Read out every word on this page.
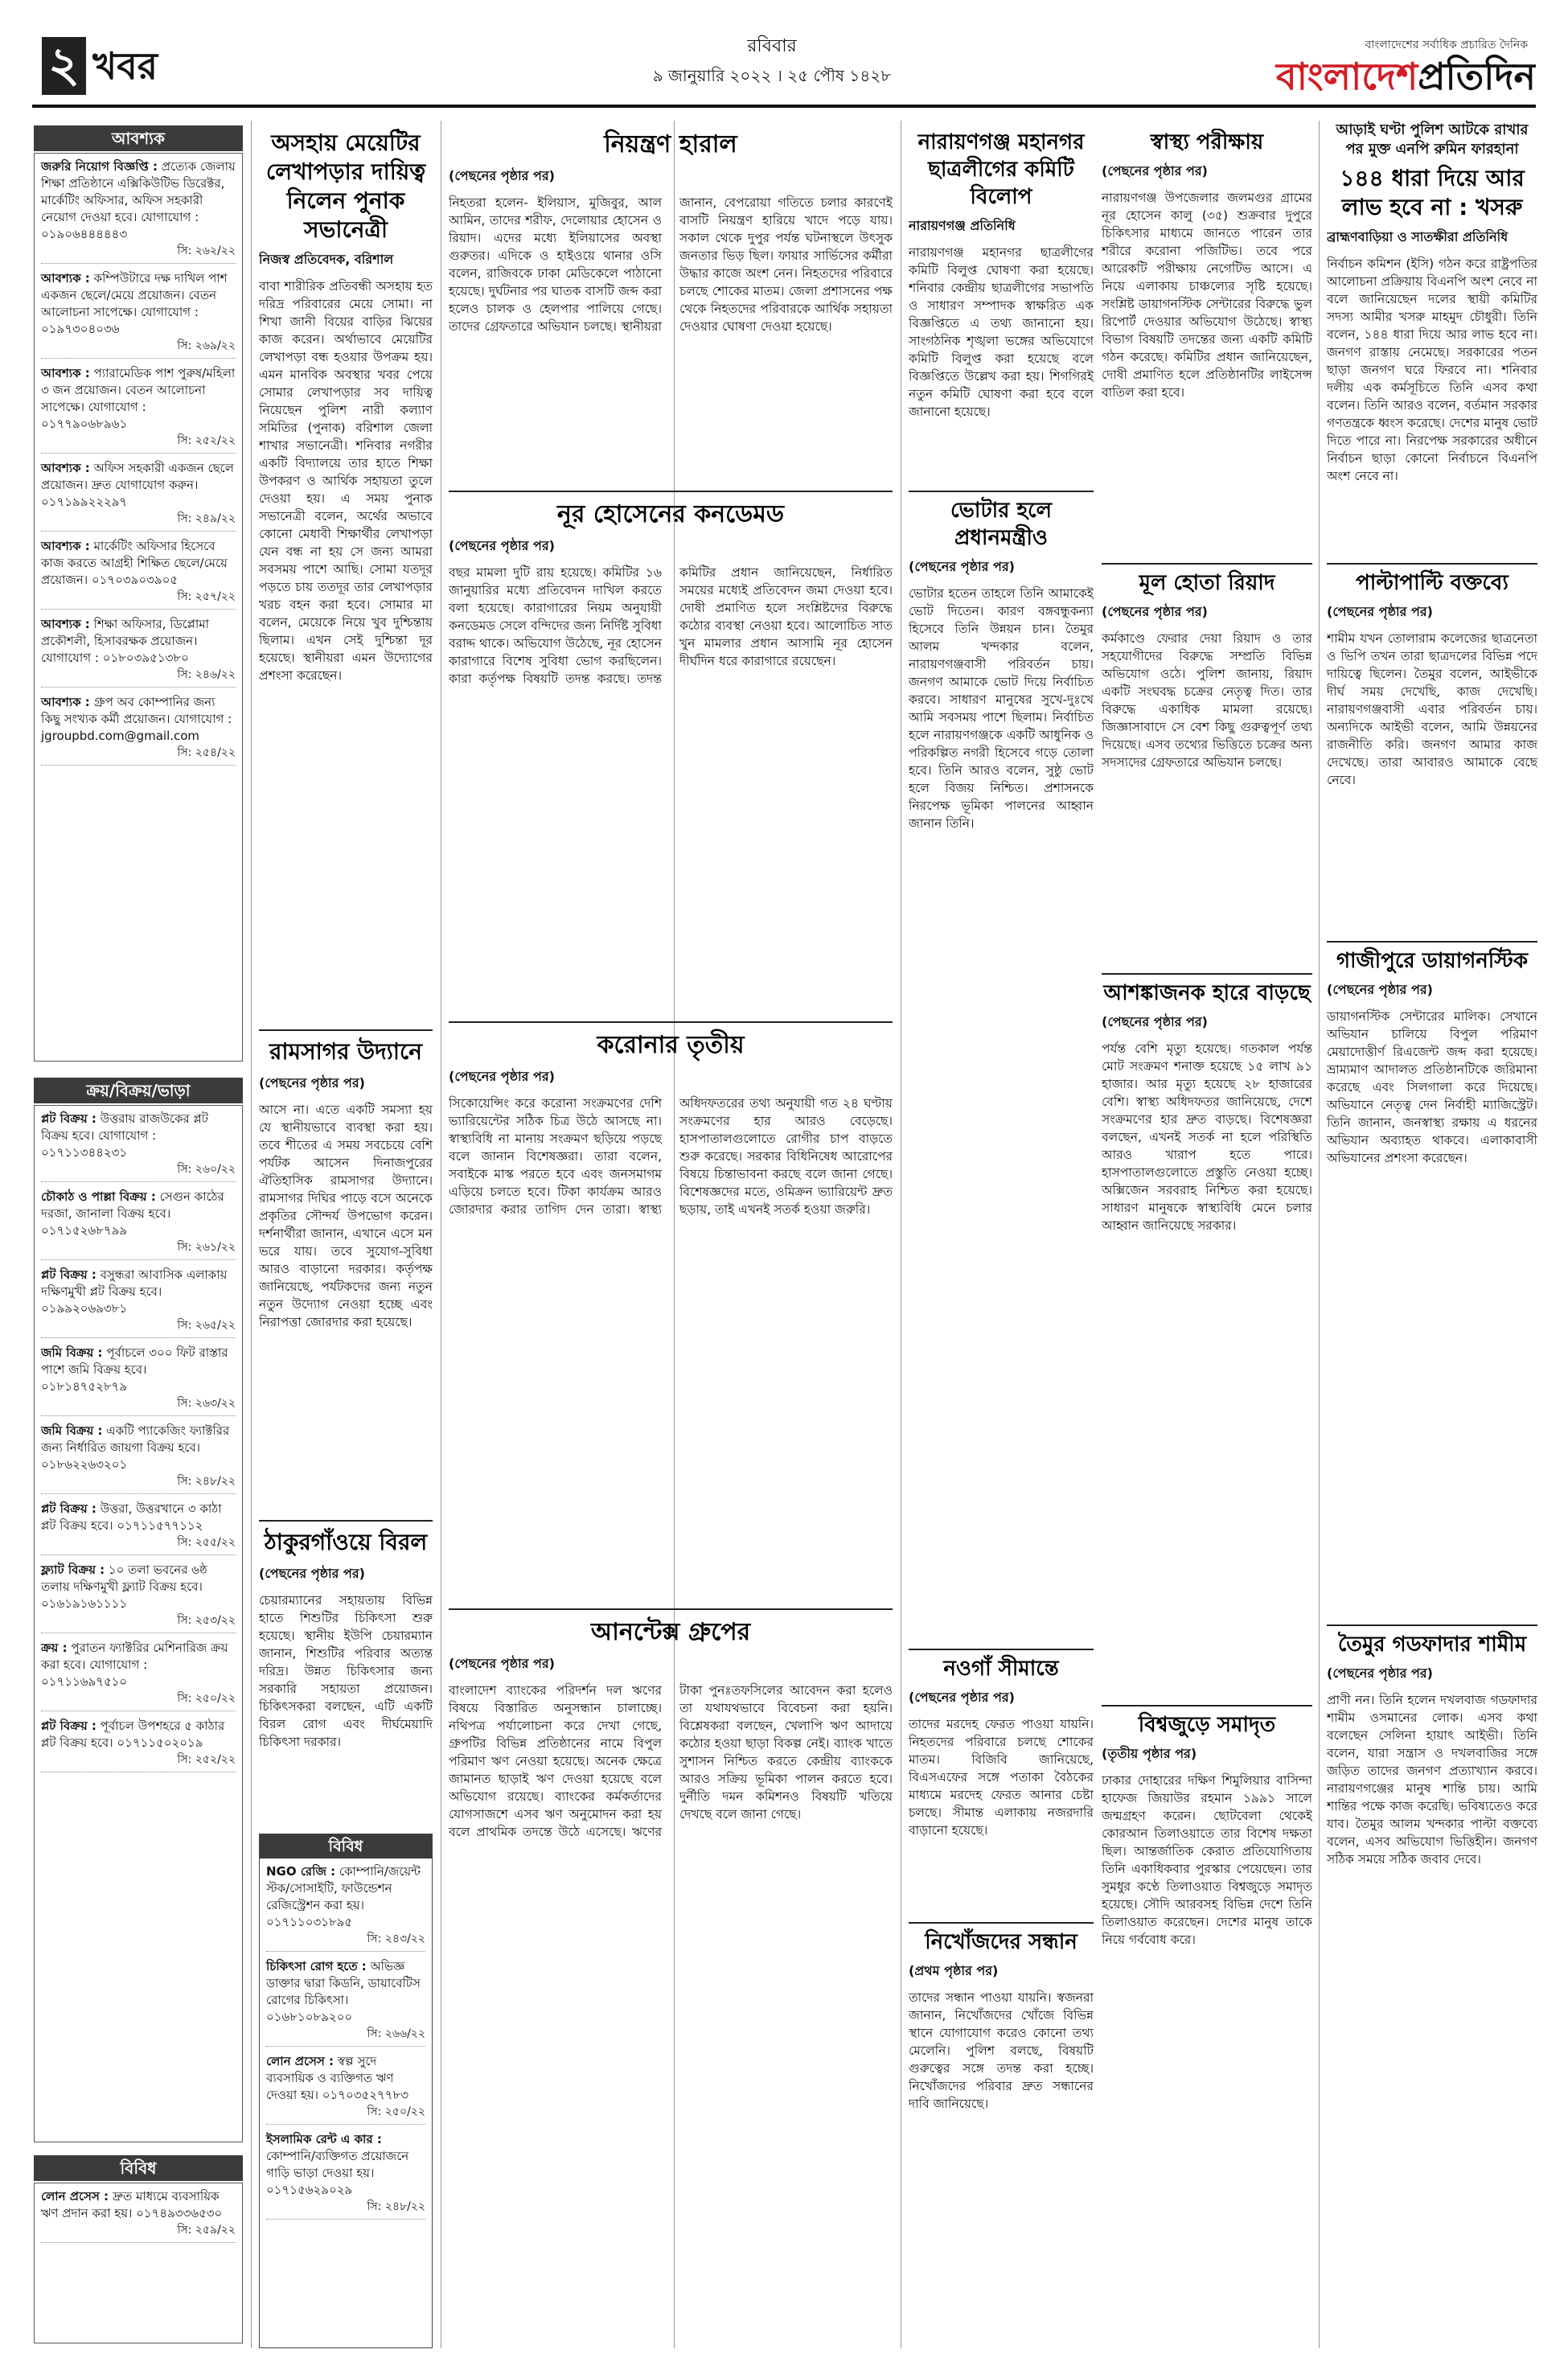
২ খবর	রবিবার
৯ জানুয়ারি ২০২২ । ২৫ পৌষ ১৪২৮
বাংলাদেশের সর্বাধিক প্রচারিত দৈনিক
বাংলাদেশপ্রতিদিন
আবশ্যক
জরুরি নিয়োগ বিজ্ঞপ্তি : প্রত্যেক জেলায় শিক্ষা প্রতিষ্ঠানে এক্সিকিউটিভ ডিরেক্টর, মার্কেটিং অফিসার, অফিস সহকারী নেয়োগ দেওয়া হবে। যোগাযোগ : ০১৯০৬৪৪৪৪৪৩
সি: ২৬২/২২
আবশ্যক : কম্পিউটারে দক্ষ দাখিল পাশ একজন ছেলে/মেয়ে প্রয়োজন। বেতন আলোচনা সাপেক্ষে। যোগাযোগ : ০১৯৭৩০৪০৩৬
সি: ২৬৯/২২
আবশ্যক : প্যারামেডিক পাশ পুরুষ/মহিলা ৩ জন প্রয়োজন। বেতন আলোচনা সাপেক্ষে। যোগাযোগ : ০১৭৭৯০৬৮৯৬১
সি: ২৫২/২২
আবশ্যক : অফিস সহকারী একজন ছেলে প্রয়োজন। দ্রুত যোগাযোগ করুন। ০১৭১৯৯২২২৯৭
সি: ২৪৯/২২
আবশ্যক : মার্কেটিং অফিসার হিসেবে কাজ করতে আগ্রহী শিক্ষিত ছেলে/মেয়ে প্রয়োজন। ০১৭০৩৯০৩৯০৫
সি: ২৫৭/২২
আবশ্যক : শিক্ষা অফিসার, ডিপ্লোমা প্রকৌশলী, হিসাবরক্ষক প্রয়োজন। যোগাযোগ : ০১৮০৩৯৫১৩৮০
সি: ২৪৬/২২
আবশ্যক : গ্রুপ অব কোম্পানির জন্য কিছু সংখ্যক কর্মী প্রয়োজন। যোগাযোগ : jgroupbd.com@gmail.com
সি: ২৫৪/২২
ক্রয়/বিক্রয়/ভাড়া
প্লট বিক্রয় : উত্তরায় রাজউকের প্লট বিক্রয় হবে। যোগাযোগ : ০১৭১১৩৪৪২৩১
সি: ২৬০/২২
চৌকাঠ ও পাল্লা বিক্রয় : সেগুন কাঠের দরজা, জানালা বিক্রয় হবে। ০১৭১৫২৬৮৭৯৯
সি: ২৬১/২২
প্লট বিক্রয় : বসুন্ধরা আবাসিক এলাকায় দক্ষিণমুখী প্লট বিক্রয় হবে। ০১৯৯২০৬৯৩৮১
সি: ২৬৫/২২
জমি বিক্রয় : পূর্বাচলে ৩০০ ফিট রাস্তার পাশে জমি বিক্রয় হবে। ০১৮১৪৭৫২৮৭৯
সি: ২৬৩/২২
জমি বিক্রয় : একটি প্যাকেজিং ফ্যাক্টরির জন্য নির্ধারিত জায়গা বিক্রয় হবে। ০১৮৬২২৬৩২০১
সি: ২৪৮/২২
প্লট বিক্রয় : উত্তরা, উত্তরখানে ৩ কাঠা প্লট বিক্রয় হবে। ০১৭১১৫৭৭১১২
সি: ২৫৫/২২
ফ্ল্যাট বিক্রয় : ১০ তলা ভবনের ৬ষ্ঠ তলায় দক্ষিণমুখী ফ্ল্যাট বিক্রয় হবে। ০১৬১৯১৬১১১১
সি: ২৫৩/২২
ক্রয় : পুরাতন ফ্যাক্টরির মেশিনারিজ ক্রয় করা হবে। যোগাযোগ : ০১৭১১৬৯৭৫১০
সি: ২৫০/২২
প্লট বিক্রয় : পূর্বাচল উপশহরে ৫ কাঠার প্লট বিক্রয় হবে। ০১৭১১৫০২০১৯
সি: ২৫২/২২
বিবিধ
লোন প্রসেস : দ্রুত মাধ্যমে ব্যবসায়িক ঋণ প্রদান করা হয়। ০১৭৪৯৩৩৬৫৩০
সি: ২৫৯/২২
অসহায় মেয়েটির লেখাপড়ার দায়িত্ব নিলেন পুনাক সভানেত্রী
নিজস্ব প্রতিবেদক, বরিশাল
বাবা শারীরিক প্রতিবন্ধী অসহায় হত দরিদ্র পরিবারের মেয়ে সোমা। না শিখা জানী বিয়ের বাড়ির ঝিয়ের কাজ করেন। অর্থাভাবে মেয়েটির লেখাপড়া বন্ধ হওয়ার উপক্রম হয়। এমন মানবিক অবস্থার খবর পেয়ে সোমার লেখাপড়ার সব দায়িত্ব নিয়েছেন পুলিশ নারী কল্যাণ সমিতির (পুনাক) বরিশাল জেলা শাখার সভানেত্রী। শনিবার নগরীর একটি বিদ্যালয়ে তার হাতে শিক্ষা উপকরণ ও আর্থিক সহায়তা তুলে দেওয়া হয়। এ সময় পুনাক সভানেত্রী বলেন, অর্থের অভাবে কোনো মেধাবী শিক্ষার্থীর লেখাপড়া যেন বন্ধ না হয় সে জন্য আমরা সবসময় পাশে আছি। সোমা যতদূর পড়তে চায় ততদূর তার লেখাপড়ার খরচ বহন করা হবে। সোমার মা বলেন, মেয়েকে নিয়ে খুব দুশ্চিন্তায় ছিলাম। এখন সেই দুশ্চিন্তা দূর হয়েছে। স্থানীয়রা এমন উদ্যোগের প্রশংসা করেছেন।
রামসাগর উদ্যানে
(পেছনের পৃষ্ঠার পর)
আসে না। এতে একটি সমস্যা হয় যে স্থানীয়ভাবে ব্যবস্থা করা হয়। তবে শীতের এ সময় সবচেয়ে বেশি পর্যটক আসেন দিনাজপুরের ঐতিহাসিক রামসাগর উদ্যানে। রামসাগর দিঘির পাড়ে বসে অনেকে প্রকৃতির সৌন্দর্য উপভোগ করেন। দর্শনার্থীরা জানান, এখানে এসে মন ভরে যায়। তবে সুযোগ-সুবিধা আরও বাড়ানো দরকার। কর্তৃপক্ষ জানিয়েছে, পর্যটকদের জন্য নতুন নতুন উদ্যোগ নেওয়া হচ্ছে এবং নিরাপত্তা জোরদার করা হয়েছে।
ঠাকুরগাঁওয়ে বিরল
(পেছনের পৃষ্ঠার পর)
চেয়ারম্যানের সহায়তায় বিভিন্ন হাতে শিশুটির চিকিৎসা শুরু হয়েছে। স্থানীয় ইউপি চেয়ারম্যান জানান, শিশুটির পরিবার অত্যন্ত দরিদ্র। উন্নত চিকিৎসার জন্য সরকারি সহায়তা প্রয়োজন। চিকিৎসকরা বলছেন, এটি একটি বিরল রোগ এবং দীর্ঘমেয়াদি চিকিৎসা দরকার।
বিবিধ
NGO রেজি : কোম্পানি/জয়েন্ট স্টক/সোসাইটি, ফাউন্ডেশন রেজিস্ট্রেশন করা হয়। ০১৭১১০৩১৮৯৫
সি: ২৪৩/২২
চিকিৎসা রোগ হতে : অভিজ্ঞ ডাক্তার দ্বারা কিডনি, ডায়াবেটিস রোগের চিকিৎসা। ০১৬৮১০৮৯২০০
সি: ২৬৬/২২
লোন প্রসেস : স্বল্প সুদে ব্যবসায়িক ও ব্যক্তিগত ঋণ দেওয়া হয়। ০১৭০৩৫২৭৭৮৩
সি: ২৫০/২২
ইসলামিক রেন্ট এ কার : কোম্পানি/ব্যক্তিগত প্রয়োজনে গাড়ি ভাড়া দেওয়া হয়। ০১৭১৫৬২৯০২৯
সি: ২৪৮/২২
নিয়ন্ত্রণ হারাল
(পেছনের পৃষ্ঠার পর)
নিহতরা হলেন- ইলিয়াস, মুজিবুর, আল আমিন, তাদের শরীফ, দেলোয়ার হোসেন ও রিয়াদ। এদের মধ্যে ইলিয়াসের অবস্থা গুরুতর। এদিকে ও হাইওয়ে থানার ওসি বলেন, রাজিবকে ঢাকা মেডিকেলে পাঠানো হয়েছে। দুর্ঘটনার পর ঘাতক বাসটি জব্দ করা হলেও চালক ও হেলপার পালিয়ে গেছে। তাদের গ্রেফতারে অভিযান চলছে। স্থানীয়রা জানান, বেপরোয়া গতিতে চলার কারণেই বাসটি নিয়ন্ত্রণ হারিয়ে খাদে পড়ে যায়। সকাল থেকে দুপুর পর্যন্ত ঘটনাস্থলে উৎসুক জনতার ভিড় ছিল। ফায়ার সার্ভিসের কর্মীরা উদ্ধার কাজে অংশ নেন। নিহতদের পরিবারে চলছে শোকের মাতম। জেলা প্রশাসনের পক্ষ থেকে নিহতদের পরিবারকে আর্থিক সহায়তা দেওয়ার ঘোষণা দেওয়া হয়েছে।
নূর হোসেনের কনডেমড
(পেছনের পৃষ্ঠার পর)
বছর মামলা দুটি রায় হয়েছে। কমিটির ১৬ জানুয়ারির মধ্যে প্রতিবেদন দাখিল করতে বলা হয়েছে। কারাগারের নিয়ম অনুযায়ী কনডেমড সেলে বন্দিদের জন্য নির্দিষ্ট সুবিধা বরাদ্দ থাকে। অভিযোগ উঠেছে, নূর হোসেন কারাগারে বিশেষ সুবিধা ভোগ করছিলেন। কারা কর্তৃপক্ষ বিষয়টি তদন্ত করছে। তদন্ত কমিটির প্রধান জানিয়েছেন, নির্ধারিত সময়ের মধ্যেই প্রতিবেদন জমা দেওয়া হবে। দোষী প্রমাণিত হলে সংশ্লিষ্টদের বিরুদ্ধে কঠোর ব্যবস্থা নেওয়া হবে। আলোচিত সাত খুন মামলার প্রধান আসামি নূর হোসেন দীর্ঘদিন ধরে কারাগারে রয়েছেন।
করোনার তৃতীয়
(পেছনের পৃষ্ঠার পর)
সিকোয়েন্সিং করে করোনা সংক্রমণের দেশি ভ্যারিয়েন্টের সঠিক চিত্র উঠে আসছে না। স্বাস্থ্যবিধি না মানায় সংক্রমণ ছড়িয়ে পড়ছে বলে জানান বিশেষজ্ঞরা। তারা বলেন, সবাইকে মাস্ক পরতে হবে এবং জনসমাগম এড়িয়ে চলতে হবে। টিকা কার্যক্রম আরও জোরদার করার তাগিদ দেন তারা। স্বাস্থ্য অধিদফতরের তথ্য অনুযায়ী গত ২৪ ঘণ্টায় সংক্রমণের হার আরও বেড়েছে। হাসপাতালগুলোতে রোগীর চাপ বাড়তে শুরু করেছে। সরকার বিধিনিষেধ আরোপের বিষয়ে চিন্তাভাবনা করছে বলে জানা গেছে। বিশেষজ্ঞদের মতে, ওমিক্রন ভ্যারিয়েন্ট দ্রুত ছড়ায়, তাই এখনই সতর্ক হওয়া জরুরি।
আনন্টেক্স গ্রুপের
(পেছনের পৃষ্ঠার পর)
বাংলাদেশ ব্যাংকের পরিদর্শন দল ঋণের বিষয়ে বিস্তারিত অনুসন্ধান চালাচ্ছে। নথিপত্র পর্যালোচনা করে দেখা গেছে, গ্রুপটির বিভিন্ন প্রতিষ্ঠানের নামে বিপুল পরিমাণ ঋণ নেওয়া হয়েছে। অনেক ক্ষেত্রে জামানত ছাড়াই ঋণ দেওয়া হয়েছে বলে অভিযোগ রয়েছে। ব্যাংকের কর্মকর্তাদের যোগসাজশে এসব ঋণ অনুমোদন করা হয় বলে প্রাথমিক তদন্তে উঠে এসেছে। ঋণের টাকা পুনঃতফসিলের আবেদন করা হলেও তা যথাযথভাবে বিবেচনা করা হয়নি। বিশ্লেষকরা বলছেন, খেলাপি ঋণ আদায়ে কঠোর হওয়া ছাড়া বিকল্প নেই। ব্যাংক খাতে সুশাসন নিশ্চিত করতে কেন্দ্রীয় ব্যাংককে আরও সক্রিয় ভূমিকা পালন করতে হবে। দুর্নীতি দমন কমিশনও বিষয়টি খতিয়ে দেখছে বলে জানা গেছে।
নারায়ণগঞ্জ মহানগর ছাত্রলীগের কমিটি বিলোপ
নারায়ণগঞ্জ প্রতিনিধি
নারায়ণগঞ্জ মহানগর ছাত্রলীগের কমিটি বিলুপ্ত ঘোষণা করা হয়েছে। শনিবার কেন্দ্রীয় ছাত্রলীগের সভাপতি ও সাধারণ সম্পাদক স্বাক্ষরিত এক বিজ্ঞপ্তিতে এ তথ্য জানানো হয়। সাংগঠনিক শৃঙ্খলা ভঙ্গের অভিযোগে কমিটি বিলুপ্ত করা হয়েছে বলে বিজ্ঞপ্তিতে উল্লেখ করা হয়। শিগগিরই নতুন কমিটি ঘোষণা করা হবে বলে জানানো হয়েছে।
ভোটার হলে প্রধানমন্ত্রীও
(পেছনের পৃষ্ঠার পর)
ভোটার হতেন তাহলে তিনি আমাকেই ভোট দিতেন। কারণ বঙ্গবন্ধুকন্যা হিসেবে তিনি উন্নয়ন চান। তৈমুর আলম খন্দকার বলেন, নারায়ণগঞ্জবাসী পরিবর্তন চায়। জনগণ আমাকে ভোট দিয়ে নির্বাচিত করবে। সাধারণ মানুষের সুখে-দুঃখে আমি সবসময় পাশে ছিলাম। নির্বাচিত হলে নারায়ণগঞ্জকে একটি আধুনিক ও পরিকল্পিত নগরী হিসেবে গড়ে তোলা হবে। তিনি আরও বলেন, সুষ্ঠু ভোট হলে বিজয় নিশ্চিত। প্রশাসনকে নিরপেক্ষ ভূমিকা পালনের আহ্বান জানান তিনি।
নওগাঁ সীমান্তে
(পেছনের পৃষ্ঠার পর)
তাদের মরদেহ ফেরত পাওয়া যায়নি। নিহতদের পরিবারে চলছে শোকের মাতম। বিজিবি জানিয়েছে, বিএসএফের সঙ্গে পতাকা বৈঠকের মাধ্যমে মরদেহ ফেরত আনার চেষ্টা চলছে। সীমান্ত এলাকায় নজরদারি বাড়ানো হয়েছে।
নিখোঁজদের সন্ধান
(প্রথম পৃষ্ঠার পর)
তাদের সন্ধান পাওয়া যায়নি। স্বজনরা জানান, নিখোঁজদের খোঁজে বিভিন্ন স্থানে যোগাযোগ করেও কোনো তথ্য মেলেনি। পুলিশ বলছে, বিষয়টি গুরুত্বের সঙ্গে তদন্ত করা হচ্ছে। নিখোঁজদের পরিবার দ্রুত সন্ধানের দাবি জানিয়েছে।
স্বাস্থ্য পরীক্ষায়
(পেছনের পৃষ্ঠার পর)
নারায়ণগঞ্জ উপজেলার জলমগুর গ্রামের নূর হোসেন কালু (৩৫) শুক্রবার দুপুরে চিকিৎসার মাধ্যমে জানতে পারেন তার শরীরে করোনা পজিটিভ। তবে পরে আরেকটি পরীক্ষায় নেগেটিভ আসে। এ নিয়ে এলাকায় চাঞ্চল্যের সৃষ্টি হয়েছে। সংশ্লিষ্ট ডায়াগনস্টিক সেন্টারের বিরুদ্ধে ভুল রিপোর্ট দেওয়ার অভিযোগ উঠেছে। স্বাস্থ্য বিভাগ বিষয়টি তদন্তের জন্য একটি কমিটি গঠন করেছে। কমিটির প্রধান জানিয়েছেন, দোষী প্রমাণিত হলে প্রতিষ্ঠানটির লাইসেন্স বাতিল করা হবে।
মূল হোতা রিয়াদ
(পেছনের পৃষ্ঠার পর)
কর্মকাণ্ডে ফেরার দেয়া রিয়াদ ও তার সহযোগীদের বিরুদ্ধে সম্প্রতি বিভিন্ন অভিযোগ ওঠে। পুলিশ জানায়, রিয়াদ একটি সংঘবদ্ধ চক্রের নেতৃত্ব দিত। তার বিরুদ্ধে একাধিক মামলা রয়েছে। জিজ্ঞাসাবাদে সে বেশ কিছু গুরুত্বপূর্ণ তথ্য দিয়েছে। এসব তথ্যের ভিত্তিতে চক্রের অন্য সদস্যদের গ্রেফতারে অভিযান চলছে।
আশঙ্কাজনক হারে বাড়ছে
(পেছনের পৃষ্ঠার পর)
পর্যন্ত বেশি মৃত্যু হয়েছে। গতকাল পর্যন্ত মোট সংক্রমণ শনাক্ত হয়েছে ১৫ লাখ ৯১ হাজার। আর মৃত্যু হয়েছে ২৮ হাজারের বেশি। স্বাস্থ্য অধিদফতর জানিয়েছে, দেশে সংক্রমণের হার দ্রুত বাড়ছে। বিশেষজ্ঞরা বলছেন, এখনই সতর্ক না হলে পরিস্থিতি আরও খারাপ হতে পারে। হাসপাতালগুলোতে প্রস্তুতি নেওয়া হচ্ছে। অক্সিজেন সরবরাহ নিশ্চিত করা হয়েছে। সাধারণ মানুষকে স্বাস্থ্যবিধি মেনে চলার আহ্বান জানিয়েছে সরকার।
বিশ্বজুড়ে সমাদৃত
(তৃতীয় পৃষ্ঠার পর)
ঢাকার দোহারের দক্ষিণ শিমুলিয়ার বাসিন্দা হাফেজ জিয়াউর রহমান ১৯৯১ সালে জন্মগ্রহণ করেন। ছোটবেলা থেকেই কোরআন তিলাওয়াতে তার বিশেষ দক্ষতা ছিল। আন্তর্জাতিক কেরাত প্রতিযোগিতায় তিনি একাধিকবার পুরস্কার পেয়েছেন। তার সুমধুর কণ্ঠে তিলাওয়াত বিশ্বজুড়ে সমাদৃত হয়েছে। সৌদি আরবসহ বিভিন্ন দেশে তিনি তিলাওয়াত করেছেন। দেশের মানুষ তাকে নিয়ে গর্ববোধ করে।
আড়াই ঘণ্টা পুলিশ আটকে রাখার পর মুক্ত এনপি রুমিন ফারহানা
১৪৪ ধারা দিয়ে আর লাভ হবে না : খসরু
ব্রাহ্মণবাড়িয়া ও সাতক্ষীরা প্রতিনিধি
নির্বাচন কমিশন (ইসি) গঠন করে রাষ্ট্রপতির আলোচনা প্রক্রিয়ায় বিএনপি অংশ নেবে না বলে জানিয়েছেন দলের স্থায়ী কমিটির সদস্য আমীর খসরু মাহমুদ চৌধুরী। তিনি বলেন, ১৪৪ ধারা দিয়ে আর লাভ হবে না। জনগণ রাস্তায় নেমেছে। সরকারের পতন ছাড়া জনগণ ঘরে ফিরবে না। শনিবার দলীয় এক কর্মসূচিতে তিনি এসব কথা বলেন। তিনি আরও বলেন, বর্তমান সরকার গণতন্ত্রকে ধ্বংস করেছে। দেশের মানুষ ভোট দিতে পারে না। নিরপেক্ষ সরকারের অধীনে নির্বাচন ছাড়া কোনো নির্বাচনে বিএনপি অংশ নেবে না।
পাল্টাপাল্টি বক্তব্যে
(পেছনের পৃষ্ঠার পর)
শামীম যখন তোলারাম কলেজের ছাত্রনেতা ও ভিপি তখন তারা ছাত্রদলের বিভিন্ন পদে দায়িত্বে ছিলেন। তৈমুর বলেন, আইভীকে দীর্ঘ সময় দেখেছি, কাজ দেখেছি। নারায়ণগঞ্জবাসী এবার পরিবর্তন চায়। অন্যদিকে আইভী বলেন, আমি উন্নয়নের রাজনীতি করি। জনগণ আমার কাজ দেখেছে। তারা আবারও আমাকে বেছে নেবে।
গাজীপুরে ডায়াগনস্টিক
(পেছনের পৃষ্ঠার পর)
ডায়াগনস্টিক সেন্টারের মালিক। সেখানে অভিযান চালিয়ে বিপুল পরিমাণ মেয়াদোত্তীর্ণ রিএজেন্ট জব্দ করা হয়েছে। ভ্রাম্যমাণ আদালত প্রতিষ্ঠানটিকে জরিমানা করেছে এবং সিলগালা করে দিয়েছে। অভিযানে নেতৃত্ব দেন নির্বাহী ম্যাজিস্ট্রেট। তিনি জানান, জনস্বাস্থ্য রক্ষায় এ ধরনের অভিযান অব্যাহত থাকবে। এলাকাবাসী অভিযানের প্রশংসা করেছেন।
তৈমুর গডফাদার শামীম
(পেছনের পৃষ্ঠার পর)
প্রাণী নন। তিনি হলেন দখলবাজ গডফাদার শামীম ওসমানের লোক। এসব কথা বলেছেন সেলিনা হায়াৎ আইভী। তিনি বলেন, যারা সন্ত্রাস ও দখলবাজির সঙ্গে জড়িত তাদের জনগণ প্রত্যাখ্যান করবে। নারায়ণগঞ্জের মানুষ শান্তি চায়। আমি শান্তির পক্ষে কাজ করেছি। ভবিষ্যতেও করে যাব। তৈমুর আলম খন্দকার পাল্টা বক্তব্যে বলেন, এসব অভিযোগ ভিত্তিহীন। জনগণ সঠিক সময়ে সঠিক জবাব দেবে।
